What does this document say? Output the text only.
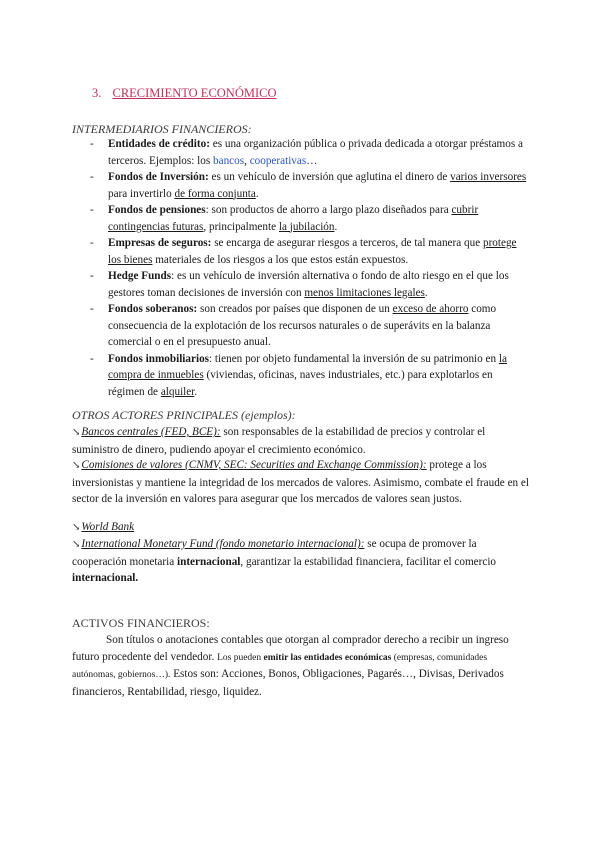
3. CRECIMIENTO ECONÓMICO
INTERMEDIARIOS FINANCIEROS:
- Entidades de crédito: es una organización pública o privada dedicada a otorgar préstamos a terceros. Ejemplos: los bancos, cooperativas…
- Fondos de Inversión: es un vehículo de inversión que aglutina el dinero de varios inversores para invertirlo de forma conjunta.
- Fondos de pensiones: son productos de ahorro a largo plazo diseñados para cubrir contingencias futuras, principalmente la jubilación.
- Empresas de seguros: se encarga de asegurar riesgos a terceros, de tal manera que protege los bienes materiales de los riesgos a los que estos están expuestos.
- Hedge Funds: es un vehículo de inversión alternativa o fondo de alto riesgo en el que los gestores toman decisiones de inversión con menos limitaciones legales.
- Fondos soberanos: son creados por países que disponen de un exceso de ahorro como consecuencia de la explotación de los recursos naturales o de superávits en la balanza comercial o en el presupuesto anual.
- Fondos inmobiliarios: tienen por objeto fundamental la inversión de su patrimonio en la compra de inmuebles (viviendas, oficinas, naves industriales, etc.) para explotarlos en régimen de alquiler.
OTROS ACTORES PRINCIPALES (ejemplos):
↘Bancos centrales (FED, BCE): son responsables de la estabilidad de precios y controlar el suministro de dinero, pudiendo apoyar el crecimiento económico.
↘Comisiones de valores (CNMV, SEC: Securities and Exchange Commission): protege a los inversionistas y mantiene la integridad de los mercados de valores. Asimismo, combate el fraude en el sector de la inversión en valores para asegurar que los mercados de valores sean justos.
↘World Bank
↘International Monetary Fund (fondo monetario internacional): se ocupa de promover la cooperación monetaria internacional, garantizar la estabilidad financiera, facilitar el comercio internacional.
ACTIVOS FINANCIEROS:
Son títulos o anotaciones contables que otorgan al comprador derecho a recibir un ingreso futuro procedente del vendedor. Los pueden emitir las entidades económicas (empresas, comunidades autónomas, gobiernos…). Estos son: Acciones, Bonos, Obligaciones, Pagarés…, Divisas, Derivados financieros, Rentabilidad, riesgo, liquidez.
